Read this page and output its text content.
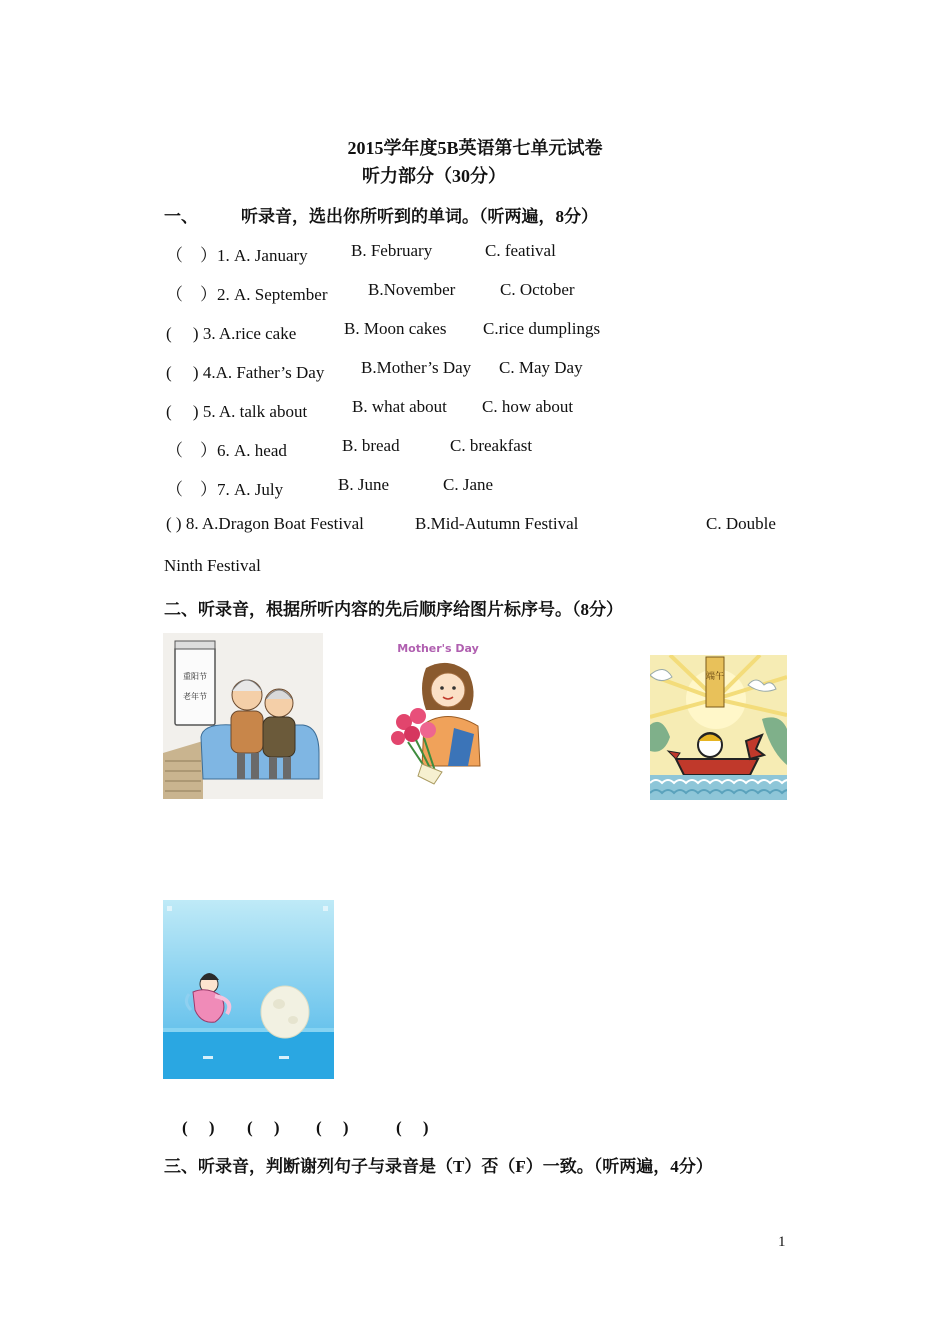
2015学年度5B英语第七单元试卷
听力部分（30分）
一、	听录音，选出你所听到的单词。（听两遍，8分）
（　）1. A. January	B. February	C. featival
（　）2. A. September B.November	C. October
(　 ) 3. A.rice cake	B. Moon cakes C.rice dumplings
(　 ) 4.A. Father’s Day B.Mother’s Day C. May Day
(　 ) 5. A. talk about	B. what about C. how about
（　）6. A. head	B. bread	C. breakfast
（　）7. A. July	B. June	C. Jane
( ) 8. A.Dragon Boat Festival	B.Mid-Autumn Festival	C. Double
Ninth Festival
二、听录音，根据所听内容的先后顺序给图片标序号。（8分）
重阳节
老年节
Mother's Day
端午
(　 ) (　 ) (　 )	(　 )
三、听录音，判断谢列句子与录音是（T）否（F）一致。（听两遍，4分）
1
